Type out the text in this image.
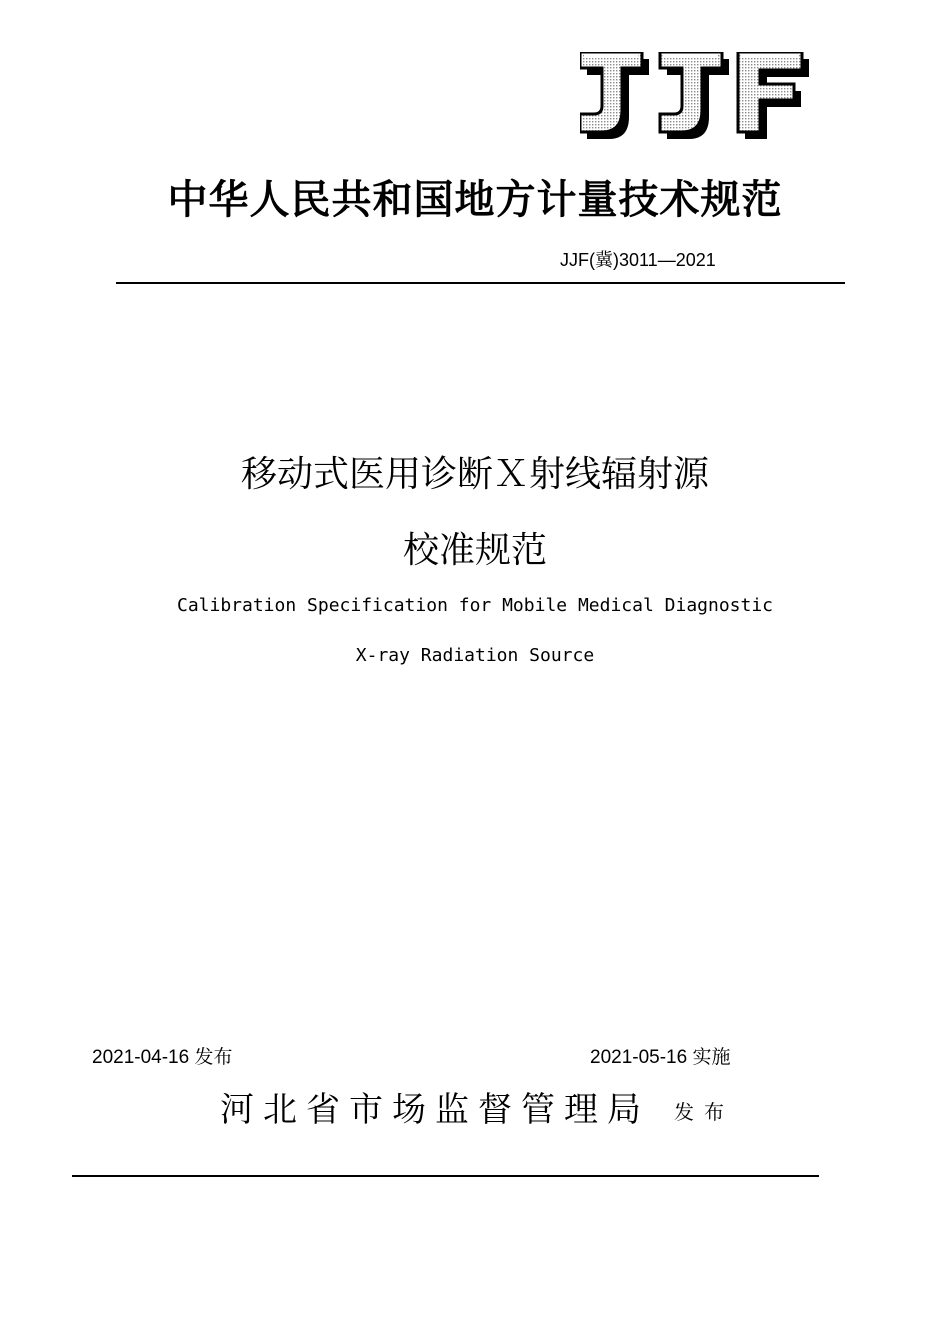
中华人民共和国地方计量技术规范
JJF(冀)3011—2021
移动式医用诊断Ｘ射线辐射源
校准规范
Calibration Specification for Mobile Medical Diagnostic
X-ray Radiation Source
2021-04-16 发布	2021-05-16 实施
河北省市场监督管理局 发布
